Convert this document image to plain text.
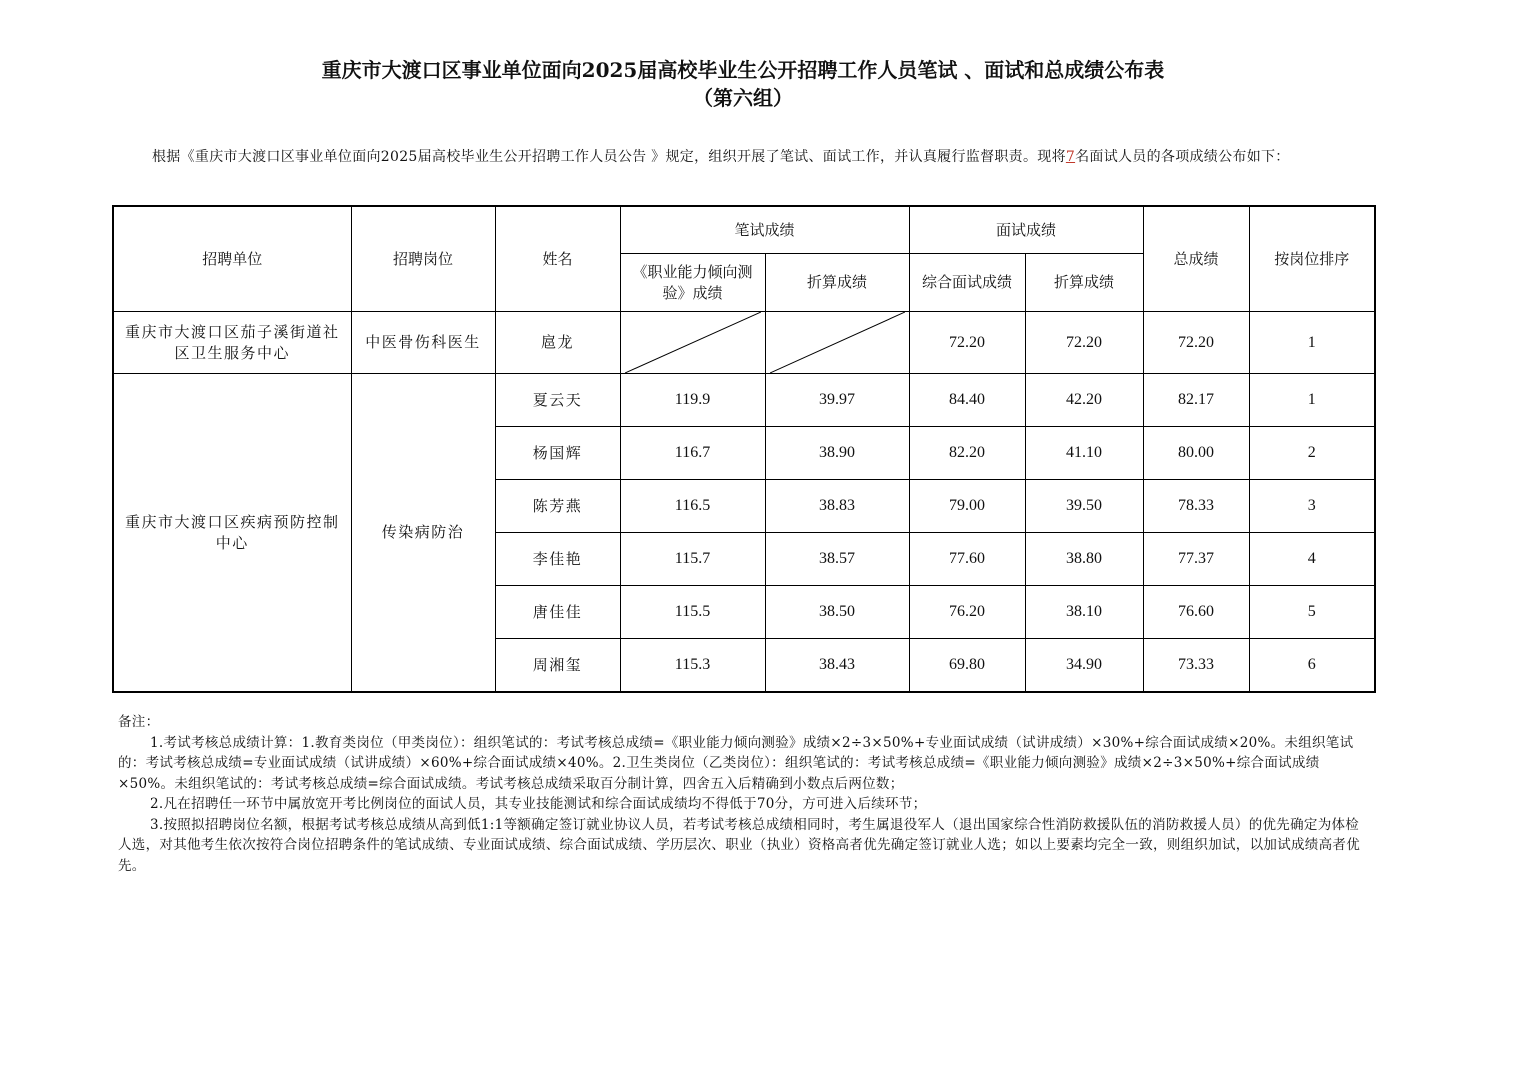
重庆市大渡口区事业单位面向2025届高校毕业生公开招聘工作人员笔试 、面试和总成绩公布表
（第六组）
根据《重庆市大渡口区事业单位面向2025届高校毕业生公开招聘工作人员公告 》规定，组织开展了笔试、面试工作，并认真履行监督职责。现将7名面试人员的各项成绩公布如下：
招聘单位	招聘岗位	姓名	笔试成绩		面试成绩		总成绩	按岗位排序
			《职业能力倾向测验》成绩	折算成绩	综合面试成绩	折算成绩		
重庆市大渡口区茄子溪街道社区卫生服务中心	中医骨伤科医生	扈龙			72.20	72.20	72.20	1
重庆市大渡口区疾病预防控制中心	传染病防治	夏云天	119.9	39.97	84.40	42.20	82.17	1
		杨国辉	116.7	38.90	82.20	41.10	80.00	2
		陈芳燕	116.5	38.83	79.00	39.50	78.33	3
		李佳艳	115.7	38.57	77.60	38.80	77.37	4
		唐佳佳	115.5	38.50	76.20	38.10	76.60	5
		周湘玺	115.3	38.43	69.80	34.90	73.33	6

备注：

1.考试考核总成绩计算：1.教育类岗位（甲类岗位）：组织笔试的：考试考核总成绩=《职业能力倾向测验》成绩×2÷3×50%+专业面试成绩（试讲成绩）×30%+综合面试成绩×20%。未组织笔试的：考试考核总成绩=专业面试成绩（试讲成绩）×60%+综合面试成绩×40%。2.卫生类岗位（乙类岗位）：组织笔试的：考试考核总成绩=《职业能力倾向测验》成绩×2÷3×50%+综合面试成绩×50%。未组织笔试的：考试考核总成绩=综合面试成绩。考试考核总成绩采取百分制计算，四舍五入后精确到小数点后两位数；

2.凡在招聘任一环节中属放宽开考比例岗位的面试人员，其专业技能测试和综合面试成绩均不得低于70分，方可进入后续环节；

3.按照拟招聘岗位名额，根据考试考核总成绩从高到低1:1等额确定签订就业协议人员，若考试考核总成绩相同时，考生属退役军人（退出国家综合性消防救援队伍的消防救援人员）的优先确定为体检人选，对其他考生依次按符合岗位招聘条件的笔试成绩、专业面试成绩、综合面试成绩、学历层次、职业（执业）资格高者优先确定签订就业人选；如以上要素均完全一致，则组织加试，以加试成绩高者优先。
